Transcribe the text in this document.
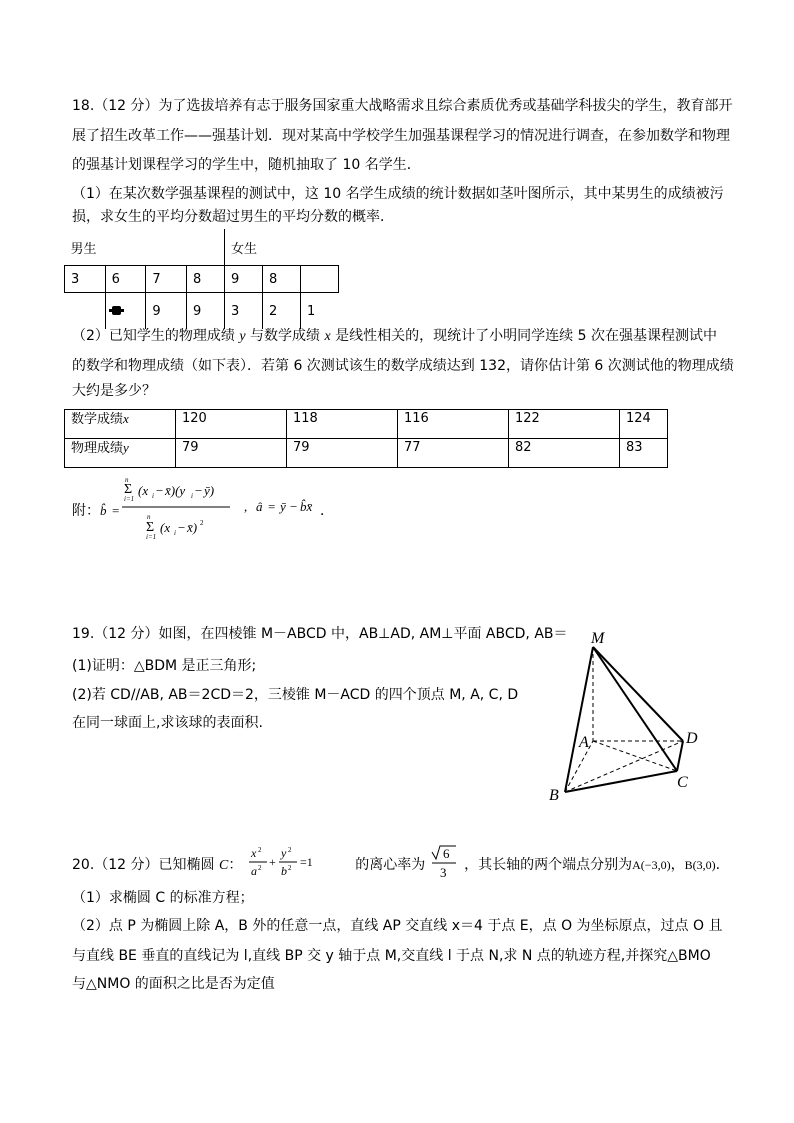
18.（12 分）为了选拔培养有志于服务国家重大战略需求且综合素质优秀或基础学科拔尖的学生，教育部开
展了招生改革工作——强基计划．现对某高中学校学生加强基课程学习的情况进行调查，在参加数学和物理
的强基计划课程学习的学生中，随机抽取了 10 名学生．
（1）在某次数学强基课程的测试中，这 10 名学生成绩的统计数据如茎叶图所示，其中某男生的成绩被污
损，求女生的平均分数超过男生的平均分数的概率．
男生				女生		
3	6	7	8	9	8	
		9	9	3	2	1
（2）已知学生的物理成绩 y 与数学成绩 x 是线性相关的，现统计了小明同学连续 5 次在强基课程测试中
的数学和物理成绩（如下表）．若第 6 次测试该生的数学成绩达到 132，请你估计第 6 次测试他的物理成绩
大约是多少？
数学成绩x	120	118	116	122	124
物理成绩y	79	79	77	82	83
附： b̂ =
Σ
n
i=1
(x i − x̄)(y i − ȳ)
Σ
n
i=1
(x i − x̄) 2
, â = ȳ − b̂x̄ ．
19.（12 分）如图，在四棱锥 M－ABCD 中，AB⊥AD, AM⊥平面 ABCD, AB＝
(1)证明：△BDM 是正三角形;
(2)若 CD//AB, AB＝2CD＝2，三棱锥 M－ACD 的四个顶点 M, A, C, D
在同一球面上,求该球的表面积.
M
A
B
C
D
20.（12 分）已知椭圆 C：
x 2
a 2 +
y 2
b 2 =1	的离心率为
6
3 ，其长轴的两个端点分别为A(−3,0)，B(3,0).
（1）求椭圆 C 的标准方程；
（2）点 P 为椭圆上除 A，B 外的任意一点，直线 AP 交直线 x＝4 于点 E，点 O 为坐标原点，过点 O 且
与直线 BE 垂直的直线记为 l,直线 BP 交 y 轴于点 M,交直线 l 于点 N,求 N 点的轨迹方程,并探究△BMO
与△NMO 的面积之比是否为定值
